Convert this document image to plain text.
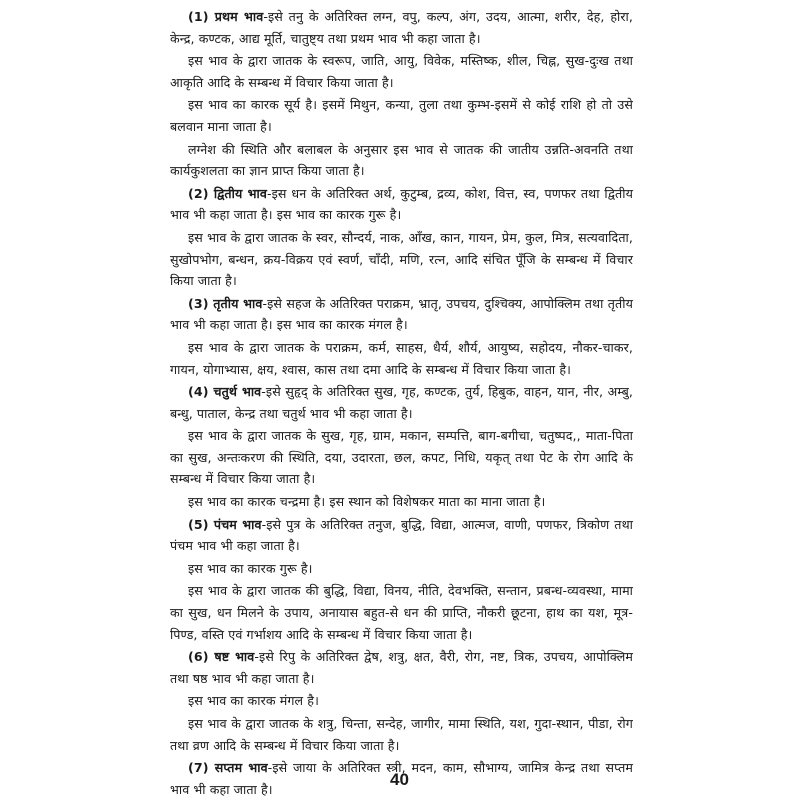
(1) प्रथम भाव-इसे तनु के अतिरिक्त लग्न, वपु, कल्प, अंग, उदय, आत्मा, शरीर, देह, होरा, केन्द्र, कण्टक, आद्य मूर्ति, चातुष्ट्य तथा प्रथम भाव भी कहा जाता है।

इस भाव के द्वारा जातक के स्वरूप, जाति, आयु, विवेक, मस्तिष्क, शील, चिह्न, सुख-दुःख तथा आकृति आदि के सम्बन्ध में विचार किया जाता है।

इस भाव का कारक सूर्य है। इसमें मिथुन, कन्या, तुला तथा कुम्भ-इसमें से कोई राशि हो तो उसे बलवान माना जाता है।

लग्नेश की स्थिति और बलाबल के अनुसार इस भाव से जातक की जातीय उन्नति-अवनति तथा कार्यकुशलता का ज्ञान प्राप्त किया जाता है।

(2) द्वितीय भाव-इस धन के अतिरिक्त अर्थ, कुटुम्ब, द्रव्य, कोश, वित्त, स्व, पणफर तथा द्वितीय भाव भी कहा जाता है। इस भाव का कारक गुरू है।

इस भाव के द्वारा जातक के स्वर, सौन्दर्य, नाक, आँख, कान, गायन, प्रेम, कुल, मित्र, सत्यवादिता, सुखोपभोग, बन्धन, क्रय-विक्रय एवं स्वर्ण, चाँदी, मणि, रत्न, आदि संचित पूँजि के सम्बन्ध में विचार किया जाता है।

(3) तृतीय भाव-इसे सहज के अतिरिक्त पराक्रम, भ्रातृ, उपचय, दुश्चिक्य, आपोक्लिम तथा तृतीय भाव भी कहा जाता है। इस भाव का कारक मंगल है।

इस भाव के द्वारा जातक के पराक्रम, कर्म, साहस, धैर्य, शौर्य, आयुष्य, सहोदय, नौकर-चाकर, गायन, योगाभ्यास, क्षय, श्वास, कास तथा दमा आदि के सम्बन्ध में विचार किया जाता है।

(4) चतुर्थ भाव-इसे सुहृद् के अतिरिक्त सुख, गृह, कण्टक, तुर्य, हिबुक, वाहन, यान, नीर, अम्बु, बन्धु, पाताल, केन्द्र तथा चतुर्थ भाव भी कहा जाता है।

इस भाव के द्वारा जातक के सुख, गृह, ग्राम, मकान, सम्पत्ति, बाग-बगीचा, चतुष्पद,, माता-पिता का सुख, अन्तःकरण की स्थिति, दया, उदारता, छल, कपट, निधि, यकृत् तथा पेट के रोग आदि के सम्बन्ध में विचार किया जाता है।

इस भाव का कारक चन्द्रमा है। इस स्थान को विशेषकर माता का माना जाता है।

(5) पंचम भाव-इसे पुत्र के अतिरिक्त तनुज, बुद्धि, विद्या, आत्मज, वाणी, पणफर, त्रिकोण तथा पंचम भाव भी कहा जाता है।

इस भाव का कारक गुरू है।

इस भाव के द्वारा जातक की बुद्धि, विद्या, विनय, नीति, देवभक्ति, सन्तान, प्रबन्ध-व्यवस्था, मामा का सुख, धन मिलने के उपाय, अनायास बहुत-से धन की प्राप्ति, नौकरी छूटना, हाथ का यश, मूत्र-पिण्ड, वस्ति एवं गर्भाशय आदि के सम्बन्ध में विचार किया जाता है।

(6) षष्ट भाव-इसे रिपु के अतिरिक्त द्वेष, शत्रु, क्षत, वैरी, रोग, नष्ट, त्रिक, उपचय, आपोक्लिम तथा षष्ठ भाव भी कहा जाता है।

इस भाव का कारक मंगल है।

इस भाव के द्वारा जातक के शत्रु, चिन्ता, सन्देह, जागीर, मामा स्थिति, यश, गुदा-स्थान, पीडा, रोग तथा व्रण आदि के सम्बन्ध में विचार किया जाता है।

(7) सप्तम भाव-इसे जाया के अतिरिक्त स्त्री, मदन, काम, सौभाग्य, जामित्र केन्द्र तथा सप्तम भाव भी कहा जाता है।

40
